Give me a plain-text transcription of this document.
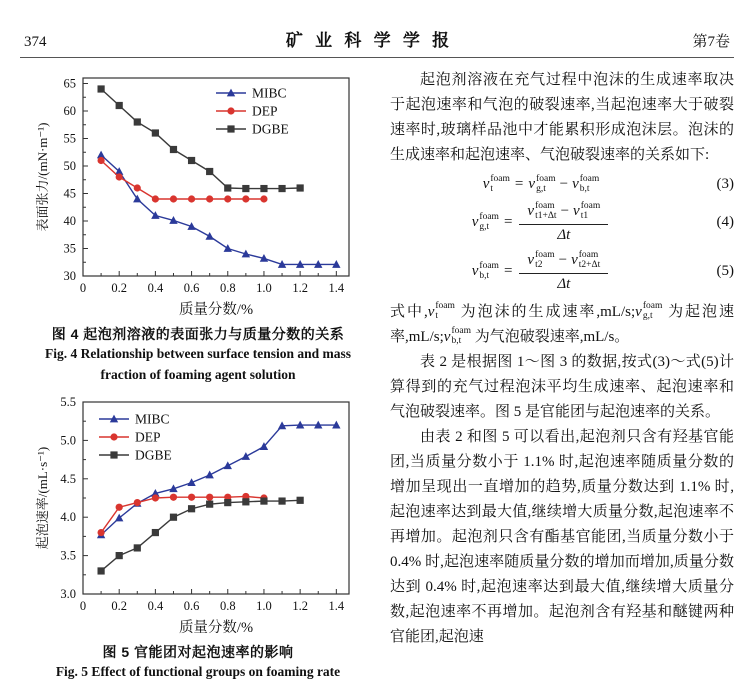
374	矿 业 科 学 学 报	第7卷
0 0.2 0.4 0.6 0.8 1.0 1.2 1.4
30
35
40
45
50
55
60
65
MIBC
DEP
DGBE
质量分数/%
表面张力/(mN·m⁻¹)
图 4 起泡剂溶液的表面张力与质量分数的关系
Fig. 4 Relationship between surface tension and mass fraction of foaming agent solution
0 0.2 0.4 0.6 0.8 1.0 1.2 1.4
3.0
3.5
4.0
4.5
5.0
5.5
MIBC
DEP
DGBE
质量分数/%
起泡速率/(mL·s⁻¹)
图 5 官能团对起泡速率的影响
Fig. 5 Effect of functional groups on foaming rate

起泡剂溶液在充气过程中泡沫的生成速率取决于起泡速率和气泡的破裂速率,当起泡速率大于破裂速率时,玻璃样品池中才能累积形成泡沫层。泡沫的生成速率和起泡速率、气泡破裂速率的关系如下:

v foam
t	= v foam
g,t − v foam
b,t	(3)
v foam
g,t = v foam
t1+Δt − v foam
t1
Δt	(4)
v foam
b,t = v foam
t2	− v foam
t2+Δt
Δt	(5)

式中, v foam
t	为泡沫的生成速率,mL/s; v foam
g,t 为起泡速率,mL/s; v foam
b,t 为气泡破裂速率,mL/s。

表 2 是根据图 1～图 3 的数据,按式(3)～式(5)计算得到的充气过程泡沫平均生成速率、起泡速率和气泡破裂速率。图 5 是官能团与起泡速率的关系。

由表 2 和图 5 可以看出,起泡剂只含有羟基官能团,当质量分数小于 1.1% 时,起泡速率随质量分数的增加呈现出一直增加的趋势,质量分数达到 1.1% 时,起泡速率达到最大值,继续增大质量分数,起泡速率不再增加。起泡剂只含有酯基官能团,当质量分数小于 0.4% 时,起泡速率随质量分数的增加而增加,质量分数达到 0.4% 时,起泡速率达到最大值,继续增大质量分数,起泡速率不再增加。起泡剂含有羟基和醚键两种官能团,起泡速
